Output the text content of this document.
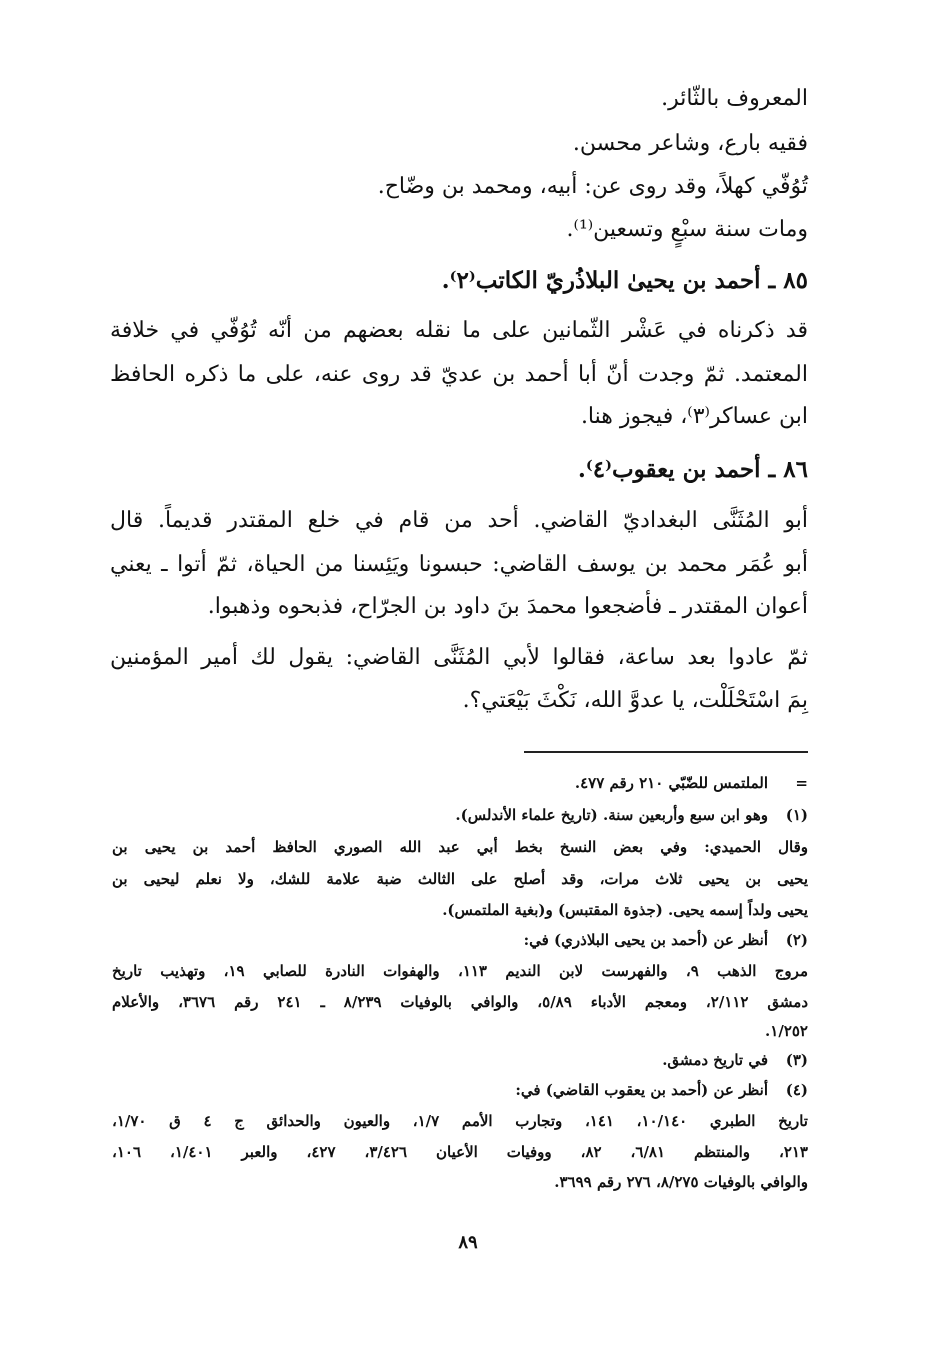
المعروف بالثّائر.
فقيه بارع، وشاعر محسن.
تُوُفّي كهلاً، وقد روى عن: أبيه، ومحمد بن وضّاح.
ومات سنة سبْعٍ وتسعين⁽¹⁾.
٨٥ ـ أحمد بن يحيىٰ البلاذُريّ الكاتب⁽٢⁾.
قد ذكرناه في عَشْر الثّمانين على ما نقله بعضهم من أنّه تُوُفّي في خلافة
المعتمد. ثمّ وجدت أنّ أبا أحمد بن عديّ قد روى عنه، على ما ذكره الحافظ
ابن عساكر⁽٣⁾، فيجوز هنا.
٨٦ ـ أحمد بن يعقوب⁽٤⁾.
أبو المُثَنَّى البغداديّ القاضي. أحد من قام في خلع المقتدر قديماً. قال
أبو عُمَر محمد بن يوسف القاضي: حبسونا ويَئِسنا من الحياة، ثمّ أتوا ـ يعني
أعوان المقتدر ـ فأضجعوا محمدَ بنَ داود بن الجرّاح، فذبحوه وذهبوا.
ثمّ عادوا بعد ساعة، فقالوا لأبي المُثَنَّى القاضي: يقول لك أمير المؤمنين
بِمَ اسْتَحْلَلْت، يا عدوَّ الله، نَكْثَ بَيْعَتي؟.
=الملتمس للضّبّي ٢١٠ رقم ٤٧٧.
(١)وهو ابن سبع وأربعين سنة. (تاريخ علماء الأندلس).
وقال الحميدي: وفي بعض النسخ بخط أبي عبد الله الصوري الحافظ أحمد بن يحيى بن
يحيى بن يحيى ثلاث مرات، وقد أصلح على الثالث ضبة علامة للشك، ولا نعلم ليحيى بن
يحيى ولداً إسمه يحيى. (جذوة المقتبس) و(بغية الملتمس).
(٢)أنظر عن (أحمد بن يحيى البلاذري) في:
مروج الذهب ٩، والفهرست لابن النديم ١١٣، والهفوات النادرة للصابي ١٩، وتهذيب تاريخ
دمشق ٢/١١٢، ومعجم الأدباء ٥/٨٩، والوافي بالوفيات ٨/٢٣٩ ـ ٢٤١ رقم ٣٦٧٦، والأعلام
١/٢٥٢.
(٣)في تاريخ دمشق.
(٤)أنظر عن (أحمد بن يعقوب القاضي) في:
تاريخ الطبري ١٠/١٤٠، ١٤١، وتجارب الأمم ١/٧، والعيون والحدائق ج ٤ ق ١/٧٠،
٢١٣، والمنتظم ٦/٨١، ٨٢، ووفيات الأعيان ٣/٤٢٦، ٤٢٧، والعبر ١/٤٠١، ١٠٦،
والوافي بالوفيات ٨/٢٧٥، ٢٧٦ رقم ٣٦٩٩.
٨٩
